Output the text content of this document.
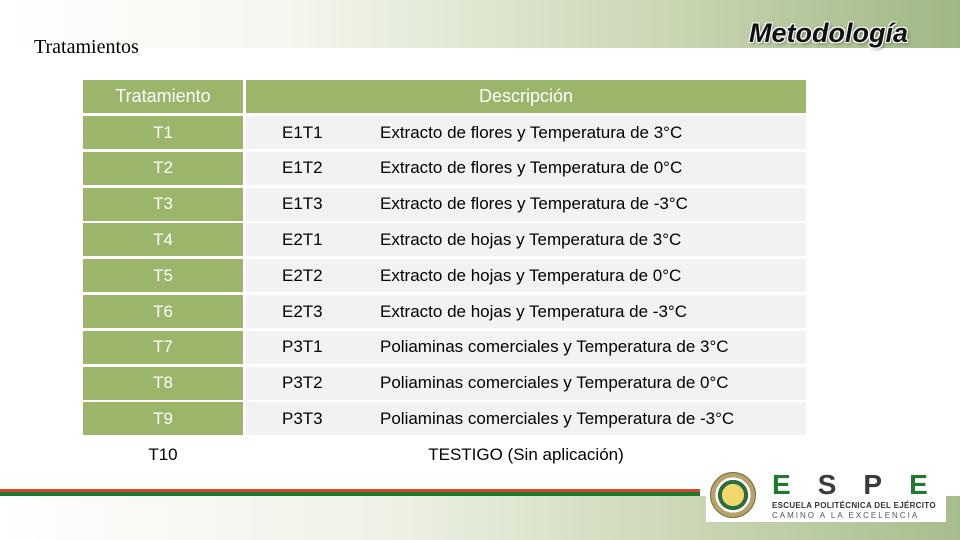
Tratamientos	Metodología
Tratamiento	Descripción
T1	E1T1	Extracto de flores y Temperatura de 3°C
T2	E1T2	Extracto de flores y Temperatura de 0°C
T3	E1T3	Extracto de flores y Temperatura de -3°C
T4	E2T1	Extracto de hojas y Temperatura de 3°C
T5	E2T2	Extracto de hojas y Temperatura de 0°C
T6	E2T3	Extracto de hojas y Temperatura de -3°C
T7	P3T1	Poliaminas comerciales y Temperatura de 3°C
T8	P3T2	Poliaminas comerciales y Temperatura de 0°C
T9	P3T3	Poliaminas comerciales y Temperatura de -3°C
T10	TESTIGO (Sin aplicación)
ESPE
ESCUELA POLITÉCNICA DEL EJÉRCITO
CAMINO A LA EXCELENCIA
